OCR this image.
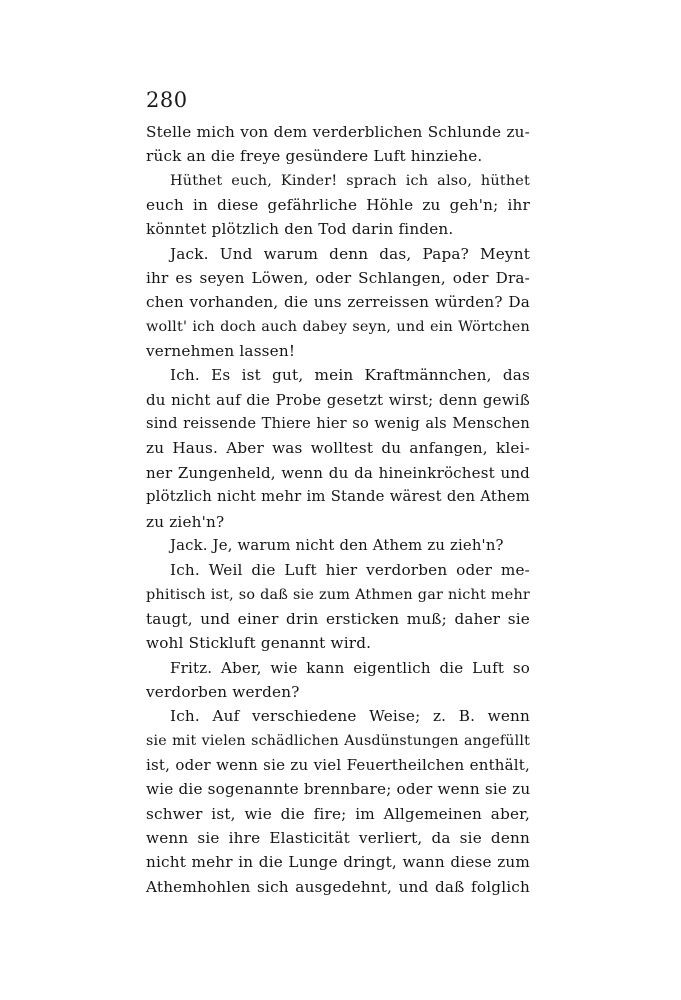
280
Stelle mich von dem verderblichen Schlunde zu-
rück an die freye gesündere Luft hinziehe.
Hüthet euch, Kinder! sprach ich also, hüthet
euch in diese gefährliche Höhle zu geh'n; ihr
könntet plötzlich den Tod darin finden.
Jack. Und warum denn das, Papa? Meynt
ihr es seyen Löwen, oder Schlangen, oder Dra-
chen vorhanden, die uns zerreissen würden? Da
wollt' ich doch auch dabey seyn, und ein Wörtchen
vernehmen lassen!
Ich. Es ist gut, mein Kraftmännchen, das
du nicht auf die Probe gesetzt wirst; denn gewiß
sind reissende Thiere hier so wenig als Menschen
zu Haus. Aber was wolltest du anfangen, klei-
ner Zungenheld, wenn du da hineinkröchest und
plötzlich nicht mehr im Stande wärest den Athem
zu zieh'n?
Jack. Je, warum nicht den Athem zu zieh'n?
Ich. Weil die Luft hier verdorben oder me-
phitisch ist, so daß sie zum Athmen gar nicht mehr
taugt, und einer drin ersticken muß; daher sie
wohl Stickluft genannt wird.
Fritz. Aber, wie kann eigentlich die Luft so
verdorben werden?
Ich. Auf verschiedene Weise; z. B. wenn
sie mit vielen schädlichen Ausdünstungen angefüllt
ist, oder wenn sie zu viel Feuertheilchen enthält,
wie die sogenannte brennbare; oder wenn sie zu
schwer ist, wie die fire; im Allgemeinen aber,
wenn sie ihre Elasticität verliert, da sie denn
nicht mehr in die Lunge dringt, wann diese zum
Athemhohlen sich ausgedehnt, und daß folglich
